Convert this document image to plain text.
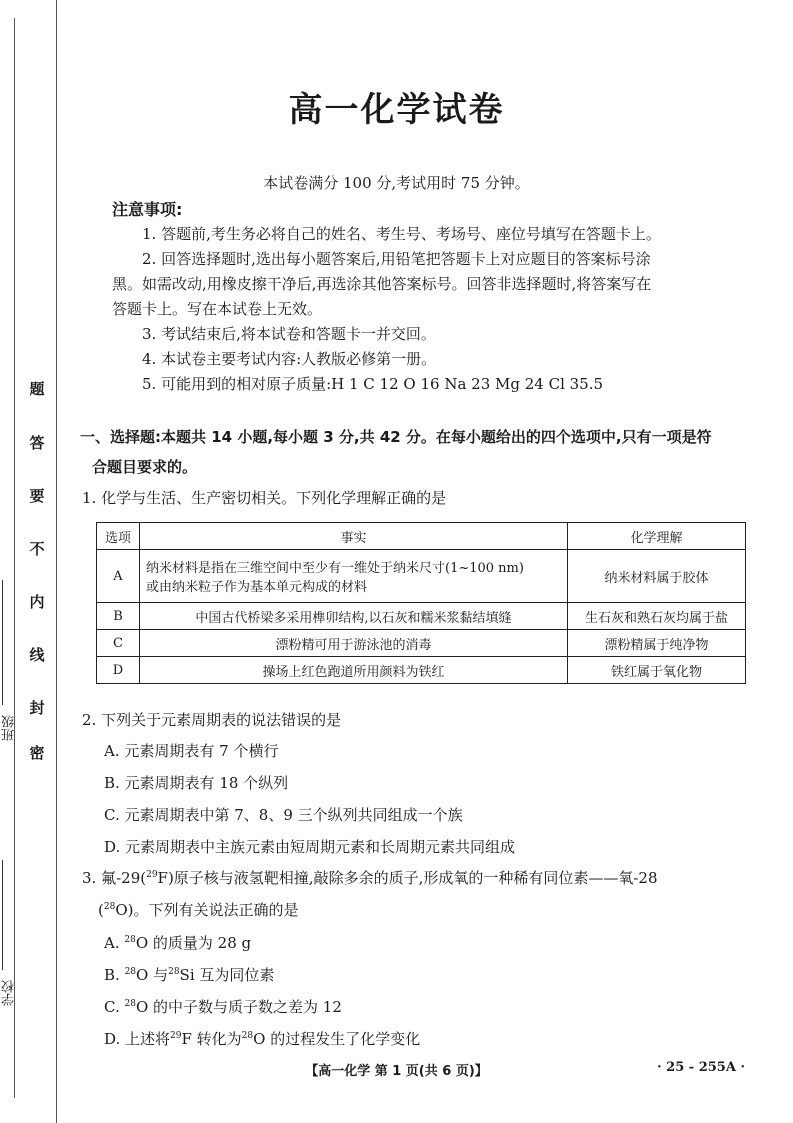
题
答
要
不
内
线
封
密
学校
班级
高一化学试卷
本试卷满分 100 分,考试用时 75 分钟。
注意事项:
1. 答题前,考生务必将自己的姓名、考生号、考场号、座位号填写在答题卡上。
2. 回答选择题时,选出每小题答案后,用铅笔把答题卡上对应题目的答案标号涂
黑。如需改动,用橡皮擦干净后,再选涂其他答案标号。回答非选择题时,将答案写在
答题卡上。写在本试卷上无效。
3. 考试结束后,将本试卷和答题卡一并交回。
4. 本试卷主要考试内容:人教版必修第一册。
5. 可能用到的相对原子质量:H 1 C 12 O 16 Na 23 Mg 24 Cl 35.5
一、选择题:本题共 14 小题,每小题 3 分,共 42 分。在每小题给出的四个选项中,只有一项是符
合题目要求的。
1. 化学与生活、生产密切相关。下列化学理解正确的是
选项	事实	化学理解
A	纳米材料是指在三维空间中至少有一维处于纳米尺寸(1~100 nm)
或由纳米粒子作为基本单元构成的材料	纳米材料属于胶体
B	中国古代桥梁多采用榫卯结构,以石灰和糯米浆黏结填缝	生石灰和熟石灰均属于盐
C	漂粉精可用于游泳池的消毒	漂粉精属于纯净物
D	操场上红色跑道所用颜料为铁红	铁红属于氧化物
2. 下列关于元素周期表的说法错误的是
A. 元素周期表有 7 个横行
B. 元素周期表有 18 个纵列
C. 元素周期表中第 7、8、9 三个纵列共同组成一个族
D. 元素周期表中主族元素由短周期元素和长周期元素共同组成
3. 氟-29($^{29}$F)原子核与液氢靶相撞,敲除多余的质子,形成氧的一种稀有同位素——氧-28
($^{28}$O)。下列有关说法正确的是
A. $^{28}$O 的质量为 28 g
B. $^{28}$O 与$^{28}$Si 互为同位素
C. $^{28}$O 的中子数与质子数之差为 12
D. 上述将$^{29}$F 转化为$^{28}$O 的过程发生了化学变化
【高一化学 第 1 页(共 6 页)】	· 25 - 255A ·
